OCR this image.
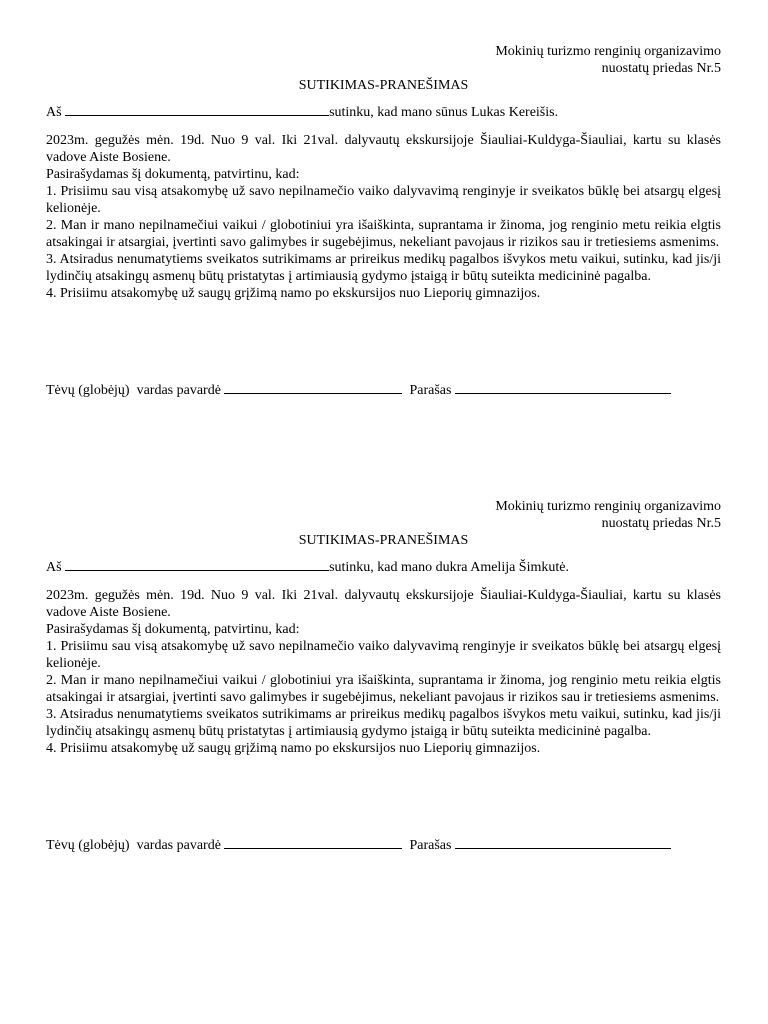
Mokinių turizmo renginių organizavimo
nuostatų priedas Nr.5
SUTIKIMAS-PRANEŠIMAS
Aš	sutinku, kad mano sūnus Lukas Kereišis.
2023m. gegužės mėn. 19d. Nuo 9 val. Iki 21val. dalyvautų ekskursijoje Šiauliai-Kuldyga-Šiauliai, kartu su klasės vadove Aiste Bosiene.
Pasirašydamas šį dokumentą, patvirtinu, kad:
1. Prisiimu sau visą atsakomybę už savo nepilnamečio vaiko dalyvavimą renginyje ir sveikatos būklę bei atsargų elgesį kelionėje.
2. Man ir mano nepilnamečiui vaikui / globotiniui yra išaiškinta, suprantama ir žinoma, jog renginio metu reikia elgtis atsakingai ir atsargiai, įvertinti savo galimybes ir sugebėjimus, nekeliant pavojaus ir rizikos sau ir tretiesiems asmenims.
3. Atsiradus nenumatytiems sveikatos sutrikimams ar prireikus medikų pagalbos išvykos metu vaikui, sutinku, kad jis/ji lydinčių atsakingų asmenų būtų pristatytas į artimiausią gydymo įstaigą ir būtų suteikta medicininė pagalba.
4. Prisiimu atsakomybę už saugų grįžimą namo po ekskursijos nuo Lieporių gimnazijos.
Tėvų (globėjų)  vardas pavardė	Parašas
Mokinių turizmo renginių organizavimo
nuostatų priedas Nr.5
SUTIKIMAS-PRANEŠIMAS
Aš	sutinku, kad mano dukra Amelija Šimkutė.
2023m. gegužės mėn. 19d. Nuo 9 val. Iki 21val. dalyvautų ekskursijoje Šiauliai-Kuldyga-Šiauliai, kartu su klasės vadove Aiste Bosiene.
Pasirašydamas šį dokumentą, patvirtinu, kad:
1. Prisiimu sau visą atsakomybę už savo nepilnamečio vaiko dalyvavimą renginyje ir sveikatos būklę bei atsargų elgesį kelionėje.
2. Man ir mano nepilnamečiui vaikui / globotiniui yra išaiškinta, suprantama ir žinoma, jog renginio metu reikia elgtis atsakingai ir atsargiai, įvertinti savo galimybes ir sugebėjimus, nekeliant pavojaus ir rizikos sau ir tretiesiems asmenims.
3. Atsiradus nenumatytiems sveikatos sutrikimams ar prireikus medikų pagalbos išvykos metu vaikui, sutinku, kad jis/ji lydinčių atsakingų asmenų būtų pristatytas į artimiausią gydymo įstaigą ir būtų suteikta medicininė pagalba.
4. Prisiimu atsakomybę už saugų grįžimą namo po ekskursijos nuo Lieporių gimnazijos.
Tėvų (globėjų)  vardas pavardė	Parašas
